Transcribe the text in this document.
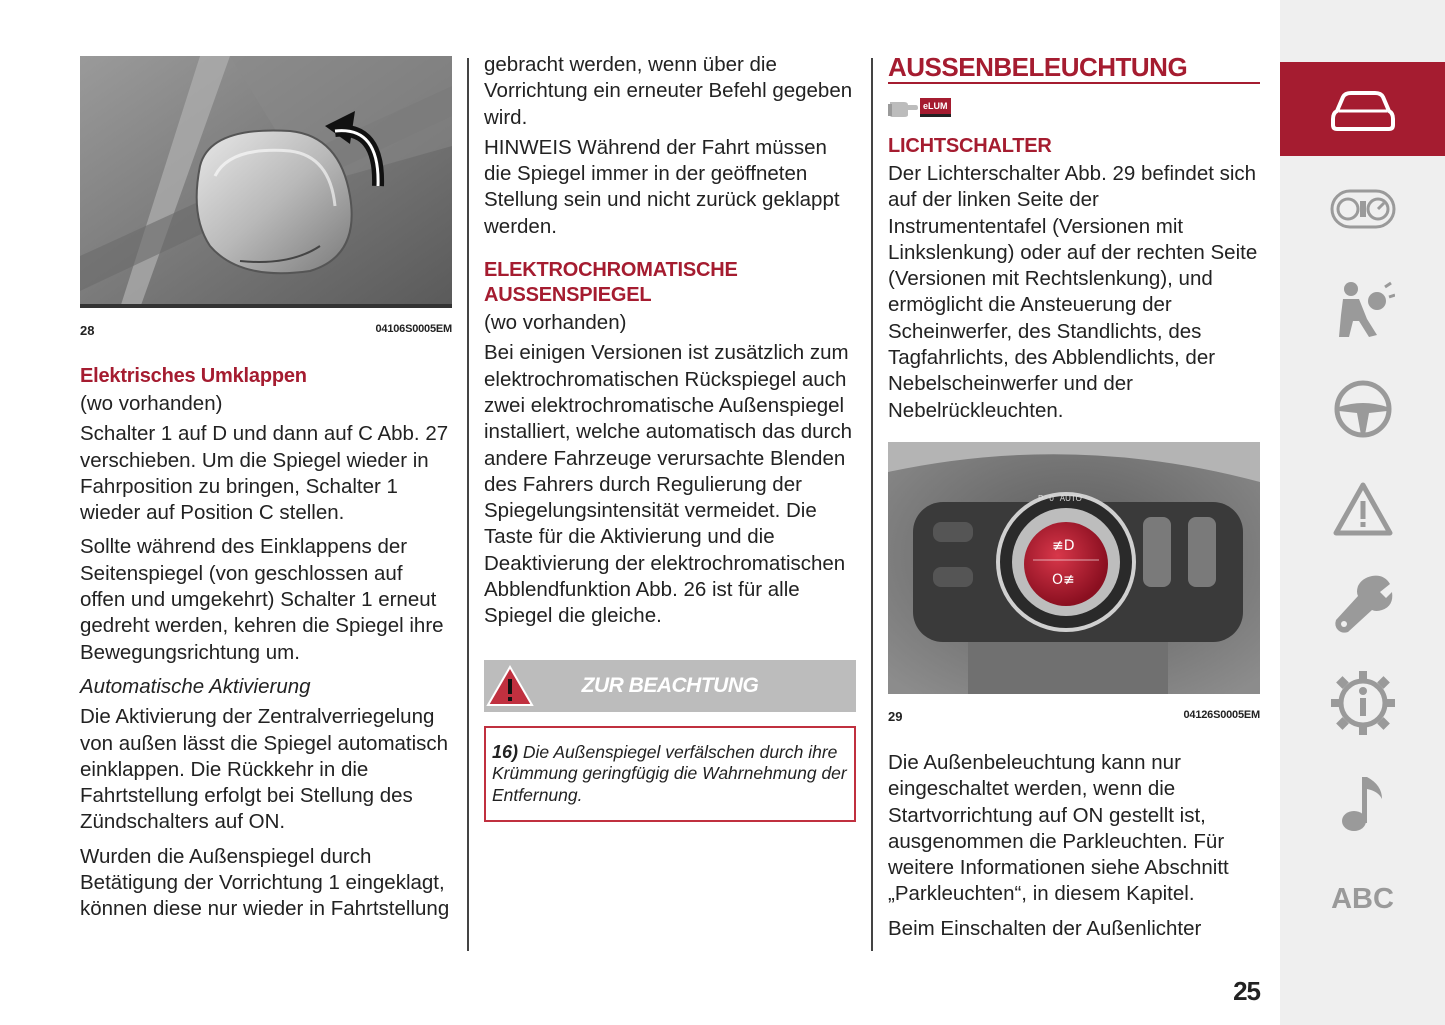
28	04106S0005EM
Elektrisches Umklappen

(wo vorhanden)

Schalter 1 auf D und dann auf C Abb. 27 verschieben. Um die Spiegel wieder in Fahrposition zu bringen, Schalter 1 wieder auf Position C stellen.

Sollte während des Einklappens der Seitenspiegel (von geschlossen auf offen und umgekehrt) Schalter 1 erneut gedreht werden, kehren die Spiegel ihre Bewegungsrichtung um.

Automatische Aktivierung

Die Aktivierung der Zentralverriegelung von außen lässt die Spiegel automatisch einklappen. Die Rückkehr in die Fahrtstellung erfolgt bei Stellung des Zündschalters auf ON.

Wurden die Außenspiegel durch Betätigung der Vorrichtung 1 eingeklagt, können diese nur wieder in Fahrtstellung

gebracht werden, wenn über die Vorrichtung ein erneuter Befehl gegeben wird.

HINWEIS Während der Fahrt müssen die Spiegel immer in der geöffneten Stellung sein und nicht zurück geklappt werden.

ELEKTROCHROMATISCHE AUSSENSPIEGEL

(wo vorhanden)

Bei einigen Versionen ist zusätzlich zum elektrochromatischen Rückspiegel auch zwei elektrochromatische Außenspiegel installiert, welche automatisch das durch andere Fahrzeuge verursachte Blenden des Fahrers durch Regulierung der Spiegelungsintensität vermeidet. Die Taste für die Aktivierung und die Deaktivierung der elektrochromatischen Abblendfunktion Abb. 26 ist für alle Spiegel die gleiche.

ZUR BEACHTUNG

16) Die Außenspiegel verfälschen durch ihre Krümmung geringfügig die Wahrnehmung der Entfernung.

AUSSENBELEUCHTUNG
eLUM
LICHTSCHALTER

Der Lichterschalter Abb. 29 befindet sich auf der linken Seite der Instrumententafel (Versionen mit Linkslenkung) oder auf der rechten Seite (Versionen mit Rechtslenkung), und ermöglicht die Ansteuerung der Scheinwerfer, des Standlichts, des Tagfahrlichts, des Abblendlichts, der Nebelscheinwerfer und der Nebelrückleuchten.

≢D
O≢
P 0 AUTO
29	04126S0005EM

Die Außenbeleuchtung kann nur eingeschaltet werden, wenn die Startvorrichtung auf ON gestellt ist, ausgenommen die Parkleuchten. Für weitere Informationen siehe Abschnitt „Parkleuchten“, in diesem Kapitel.

Beim Einschalten der Außenlichter

25
ABC
